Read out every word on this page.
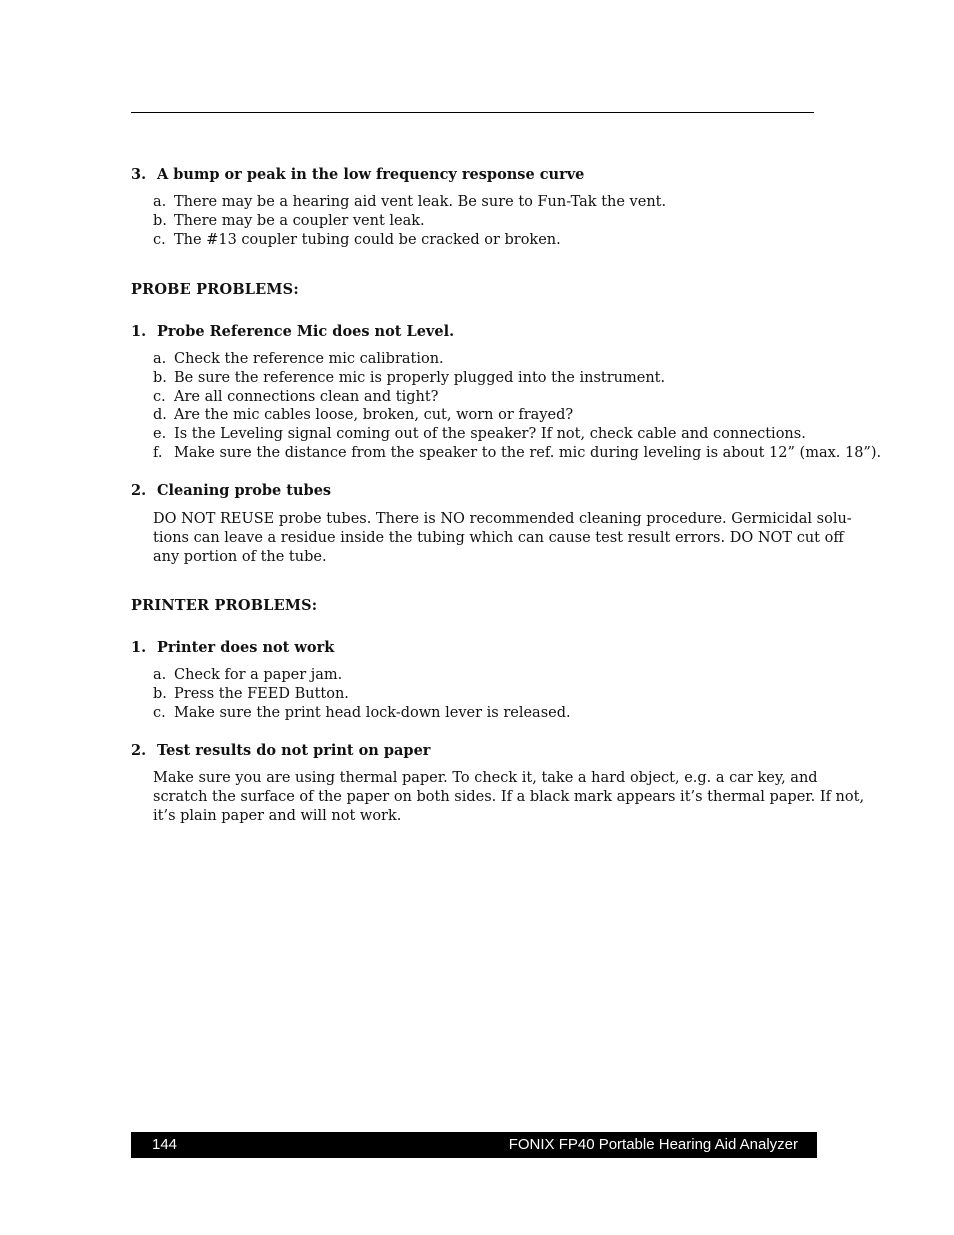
3. A bump or peak in the low frequency response curve
a. There may be a hearing aid vent leak. Be sure to Fun-Tak the vent.
b. There may be a coupler vent leak.
c. The #13 coupler tubing could be cracked or broken.
PROBE PROBLEMS:
1. Probe Reference Mic does not Level.
a. Check the reference mic calibration.
b. Be sure the reference mic is properly plugged into the instrument.
c. Are all connections clean and tight?
d. Are the mic cables loose, broken, cut, worn or frayed?
e. Is the Leveling signal coming out of the speaker? If not, check cable and connections.
f. Make sure the distance from the speaker to the ref. mic during leveling is about 12” (max. 18”).
2. Cleaning probe tubes

DO NOT REUSE probe tubes. There is NO recommended cleaning procedure. Germicidal solu-
tions can leave a residue inside the tubing which can cause test result errors. DO NOT cut off
any portion of the tube.

PRINTER PROBLEMS:
1. Printer does not work
a. Check for a paper jam.
b. Press the FEED Button.
c. Make sure the print head lock-down lever is released.
2. Test results do not print on paper

Make sure you are using thermal paper. To check it, take a hard object, e.g. a car key, and
scratch the surface of the paper on both sides. If a black mark appears it’s thermal paper. If not,
it’s plain paper and will not work.

144	FONIX FP40 Portable Hearing Aid Analyzer
